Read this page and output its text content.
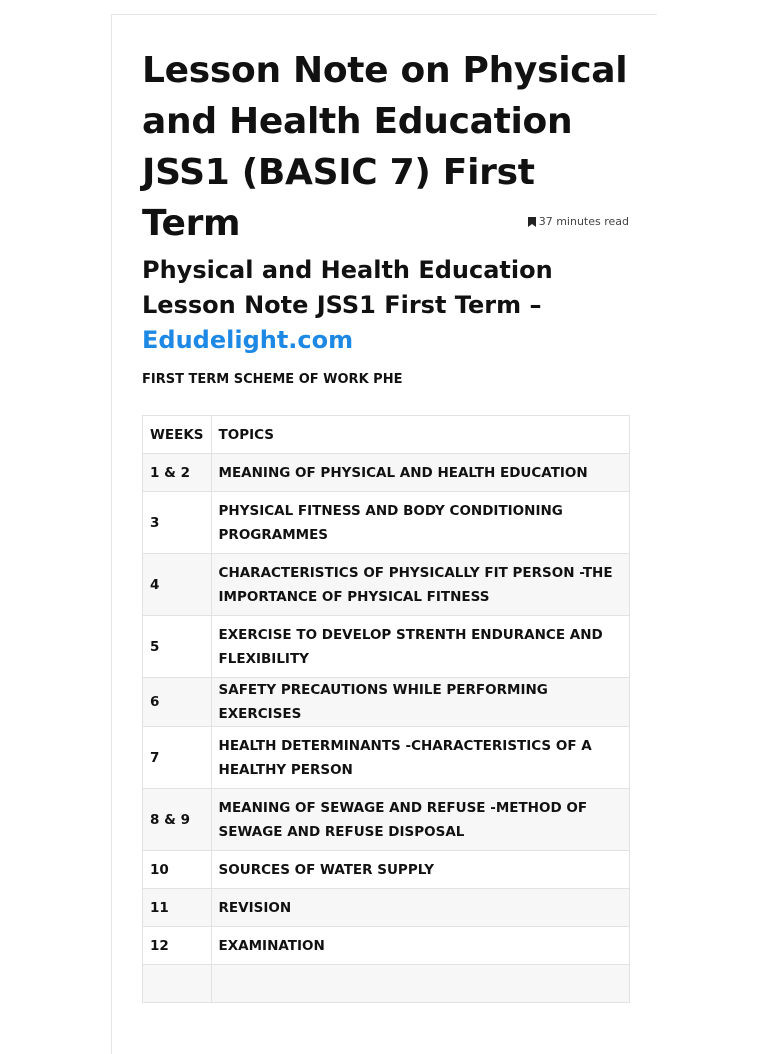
Lesson Note on Physical and Health Education JSS1 (BASIC 7) First Term	37 minutes read
Physical and Health Education Lesson Note JSS1 First Term –
Edudelight.com

FIRST TERM SCHEME OF WORK PHE

WEEKS	TOPICS
1 & 2	MEANING OF PHYSICAL AND HEALTH EDUCATION
3	PHYSICAL FITNESS AND BODY CONDITIONING PROGRAMMES
4	CHARACTERISTICS OF PHYSICALLY FIT PERSON -THE IMPORTANCE OF PHYSICAL FITNESS
5	EXERCISE TO DEVELOP STRENTH ENDURANCE AND FLEXIBILITY
6	SAFETY PRECAUTIONS WHILE PERFORMING EXERCISES
7	HEALTH DETERMINANTS -CHARACTERISTICS OF A HEALTHY PERSON
8 & 9	MEANING OF SEWAGE AND REFUSE -METHOD OF SEWAGE AND REFUSE DISPOSAL
10	SOURCES OF WATER SUPPLY
11	REVISION
12	EXAMINATION
